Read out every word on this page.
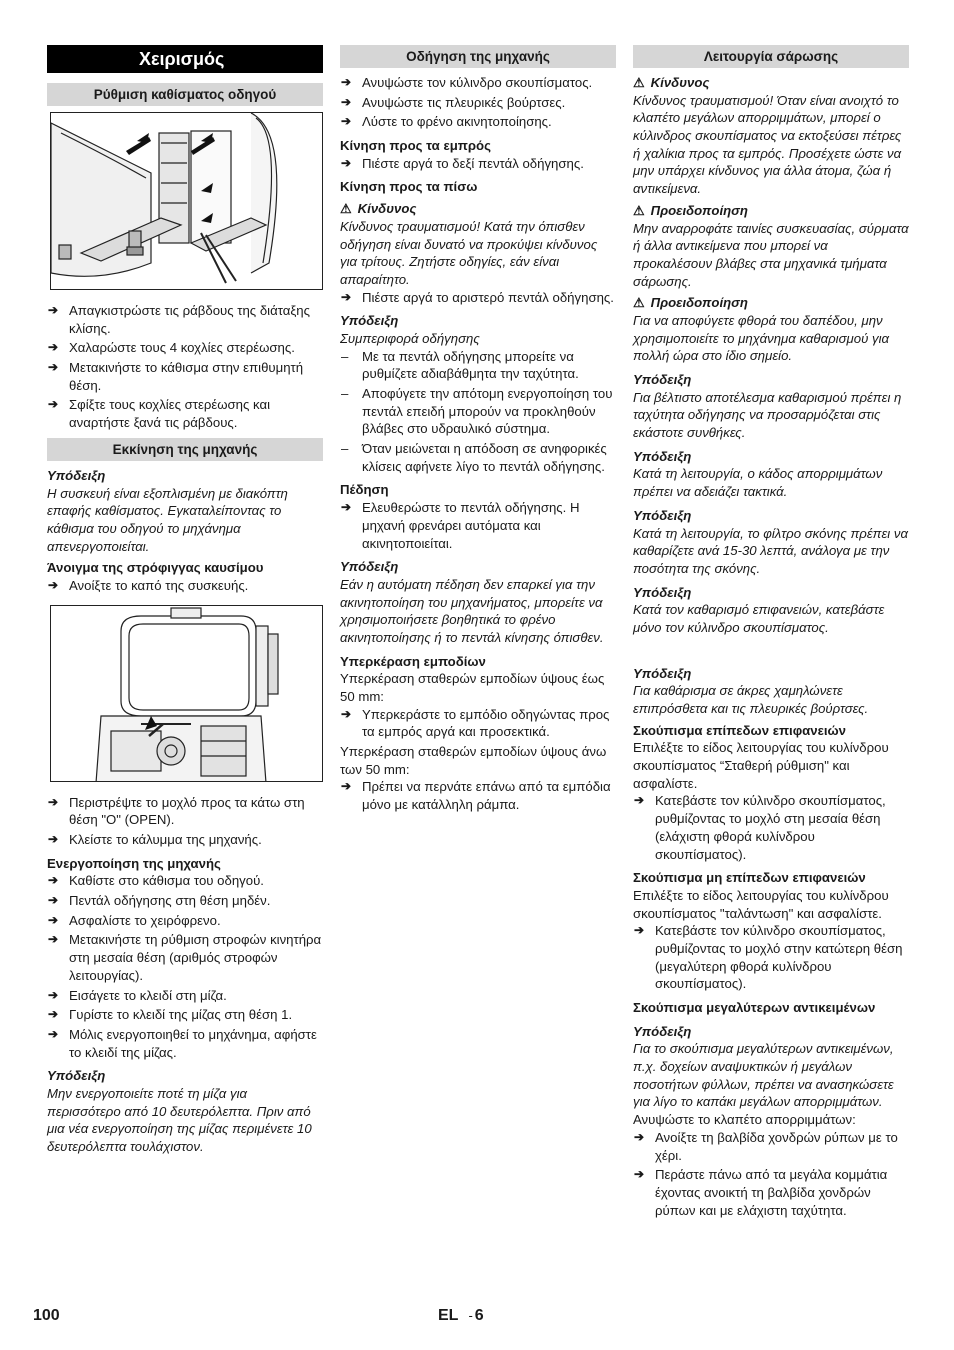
Χειρισμός
Ρύθμιση καθίσματος οδηγού
➔ Απαγκιστρώστε τις ράβδους της διάταξης κλίσης.
➔ Χαλαρώστε τους 4 κοχλίες στερέωσης.
➔ Μετακινήστε το κάθισμα στην επιθυμητή θέση.
➔ Σφίξτε τους κοχλίες στερέωσης και αναρτήστε ξανά τις ράβδους.
Εκκίνηση της μηχανής
Υπόδειξη
Η συσκευή είναι εξοπλισμένη με διακόπτη επαφής καθίσματος. Εγκαταλείποντας το κάθισμα του οδηγού το μηχάνημα απενεργοποιείται.
Άνοιγμα της στρόφιγγας καυσίμου
➔ Ανοίξτε το καπό της συσκευής.
➔ Περιστρέψτε το μοχλό προς τα κάτω στη θέση "O" (OPEN).
➔ Κλείστε το κάλυμμα της μηχανής.
Ενεργοποίηση της μηχανής
➔ Καθίστε στο κάθισμα του οδηγού.
➔ Πεντάλ οδήγησης στη θέση μηδέν.
➔ Ασφαλίστε το χειρόφρενο.
➔ Μετακινήστε τη ρύθμιση στροφών κινητήρα στη μεσαία θέση (αριθμός στροφών λειτουργίας).
➔ Εισάγετε το κλειδί στη μίζα.
➔ Γυρίστε το κλειδί της μίζας στη θέση 1.
➔ Μόλις ενεργοποιηθεί το μηχάνημα, αφήστε το κλειδί της μίζας.
Υπόδειξη
Μην ενεργοποιείτε ποτέ τη μίζα για περισσότερο από 10 δευτερόλεπτα. Πριν από μια νέα ενεργοποίηση της μίζας περιμένετε 10 δευτερόλεπτα τουλάχιστον.
Οδήγηση της μηχανής
➔ Ανυψώστε τον κύλινδρο σκουπίσματος.
➔ Ανυψώστε τις πλευρικές βούρτσες.
➔ Λύστε το φρένο ακινητοποίησης.
Κίνηση προς τα εμπρός
➔ Πιέστε αργά το δεξί πεντάλ οδήγησης.
Κίνηση προς τα πίσω
⚠ Κίνδυνος
Κίνδυνος τραυματισμού! Κατά την όπισθεν οδήγηση είναι δυνατό να προκύψει κίνδυνος για τρίτους. Ζητήστε οδηγίες, εάν είναι απαραίτητο.
➔ Πιέστε αργά το αριστερό πεντάλ οδήγησης.
Υπόδειξη
Συμπεριφορά οδήγησης
– Με τα πεντάλ οδήγησης μπορείτε να ρυθμίζετε αδιαβάθμητα την ταχύτητα.
– Αποφύγετε την απότομη ενεργοποίηση του πεντάλ επειδή μπορούν να προκληθούν βλάβες στο υδραυλικό σύστημα.
– Όταν μειώνεται η απόδοση σε ανηφορικές κλίσεις αφήνετε λίγο το πεντάλ οδήγησης.
Πέδηση
➔ Ελευθερώστε το πεντάλ οδήγησης. Η μηχανή φρενάρει αυτόματα και ακινητοποιείται.
Υπόδειξη
Εάν η αυτόματη πέδηση δεν επαρκεί για την ακινητοποίηση του μηχανήματος, μπορείτε να χρησιμοποιήσετε βοηθητικά το φρένο ακινητοποίησης ή το πεντάλ κίνησης όπισθεν.
Υπερκέραση εμποδίων
Υπερκέραση σταθερών εμποδίων ύψους έως 50 mm:
➔ Υπερκεράστε το εμπόδιο οδηγώντας προς τα εμπρός αργά και προσεκτικά.
Υπερκέραση σταθερών εμποδίων ύψους άνω των 50 mm:
➔ Πρέπει να περνάτε επάνω από τα εμπόδια μόνο με κατάλληλη ράμπα.
Λειτουργία σάρωσης
⚠ Κίνδυνος
Κίνδυνος τραυματισμού! Όταν είναι ανοιχτό το κλαπέτο μεγάλων απορριμμάτων, μπορεί ο κύλινδρος σκουπίσματος να εκτοξεύσει πέτρες ή χαλίκια προς τα εμπρός. Προσέχετε ώστε να μην υπάρχει κίνδυνος για άλλα άτομα, ζώα ή αντικείμενα.
⚠ Προειδοποίηση
Μην αναρροφάτε ταινίες συσκευασίας, σύρματα ή άλλα αντικείμενα που μπορεί να προκαλέσουν βλάβες στα μηχανικά τμήματα σάρωσης.
⚠ Προειδοποίηση
Για να αποφύγετε φθορά του δαπέδου, μην χρησιμοποιείτε το μηχάνημα καθαρισμού για πολλή ώρα στο ίδιο σημείο.
Υπόδειξη
Για βέλτιστο αποτέλεσμα καθαρισμού πρέπει η ταχύτητα οδήγησης να προσαρμόζεται στις εκάστοτε συνθήκες.
Υπόδειξη
Κατά τη λειτουργία, ο κάδος απορριμμάτων πρέπει να αδειάζει τακτικά.
Υπόδειξη
Κατά τη λειτουργία, το φίλτρο σκόνης πρέπει να καθαρίζετε ανά 15-30 λεπτά, ανάλογα με την ποσότητα της σκόνης.
Υπόδειξη
Κατά τον καθαρισμό επιφανειών, κατεβάστε μόνο τον κύλινδρο σκουπίσματος.
Υπόδειξη
Για καθάρισμα σε άκρες χαμηλώνετε επιπρόσθετα και τις πλευρικές βούρτσες.
Σκούπισμα επίπεδων επιφανειών
Επιλέξτε το είδος λειτουργίας του κυλίνδρου σκουπίσματος “Σταθερή ρύθμιση" και ασφαλίστε.
➔ Κατεβάστε τον κύλινδρο σκουπίσματος, ρυθμίζοντας το μοχλό στη μεσαία θέση (ελάχιστη φθορά κυλίνδρου σκουπίσματος).
Σκούπισμα μη επίπεδων επιφανειών
Επιλέξτε το είδος λειτουργίας του κυλίνδρου σκουπίσματος "ταλάντωση" και ασφαλίστε.
➔ Κατεβάστε τον κύλινδρο σκουπίσματος, ρυθμίζοντας το μοχλό στην κατώτερη θέση (μεγαλύτερη φθορά κυλίνδρου σκουπίσματος).
Σκούπισμα μεγαλύτερων αντικειμένων
Υπόδειξη
Για το σκούπισμα μεγαλύτερων αντικειμένων, π.χ. δοχείων αναψυκτικών ή μεγάλων ποσοτήτων φύλλων, πρέπει να ανασηκώσετε για λίγο το καπάκι μεγάλων απορριμμάτων.
Ανυψώστε το κλαπέτο απορριμμάτων:
➔ Ανοίξτε τη βαλβίδα χονδρών ρύπων με το χέρι.
➔ Περάστε πάνω από τα μεγάλα κομμάτια έχοντας ανοικτή τη βαλβίδα χονδρών ρύπων και με ελάχιστη ταχύτητα.
100	EL - 6
